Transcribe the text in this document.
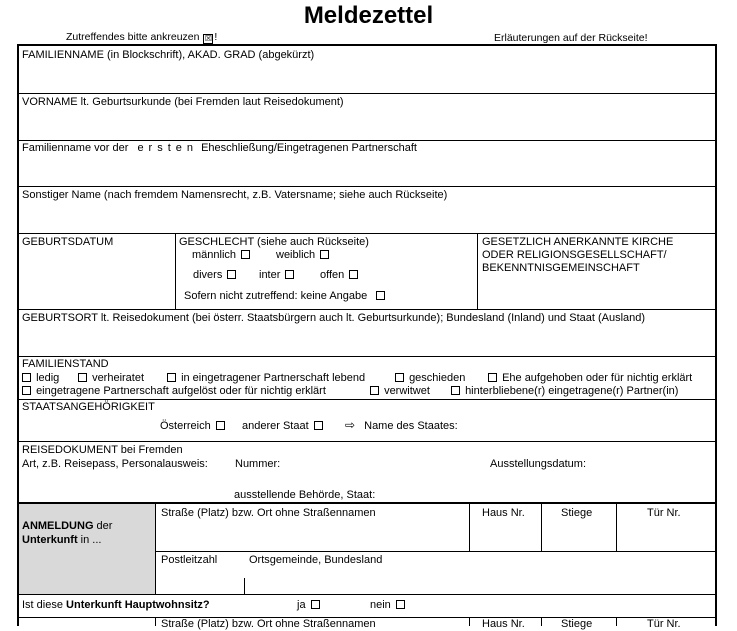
Meldezettel
Zutreffendes bitte ankreuzen ☒ !	Erläuterungen auf der Rückseite!
FAMILIENNAME (in Blockschrift), AKAD. GRAD (abgekürzt)
VORNAME lt. Geburtsurkunde (bei Fremden laut Reisedokument)
Familienname vor der ersten Eheschließung/Eingetragenen Partnerschaft
Sonstiger Name (nach fremdem Namensrecht, z.B. Vatersname; siehe auch Rückseite)
GEBURTSDATUM	GESCHLECHT (siehe auch Rückseite)
männlich	weiblich
divers	inter	offen
Sofern nicht zutreffend: keine Angabe
GESETZLICH ANERKANNTE KIRCHE
ODER RELIGIONSGESELLSCHAFT/
BEKENNTNISGEMEINSCHAFT
GEBURTSORT lt. Reisedokument (bei österr. Staatsbürgern auch lt. Geburtsurkunde); Bundesland (Inland) und Staat (Ausland)
FAMILIENSTAND
ledig	verheiratet	in eingetragener Partnerschaft lebend	geschieden	Ehe aufgehoben oder für nichtig erklärt
eingetragene Partnerschaft aufgelöst oder für nichtig erklärt	verwitwet	hinterbliebene(r) eingetragene(r) Partner(in)
STAATSANGEHÖRIGKEIT
Österreich	anderer Staat	⇨ Name des Staates:
REISEDOKUMENT bei Fremden
Art, z.B. Reisepass, Personalausweis: Nummer:	Ausstellungsdatum:
ausstellende Behörde, Staat:
ANMELDUNG der
Unterkunft in ...
Straße (Platz) bzw. Ort ohne Straßennamen	Haus Nr.	Stiege	Tür Nr.
Postleitzahl	Ortsgemeinde, Bundesland
Ist diese Unterkunft Hauptwohnsitz?	ja	nein
Straße (Platz) bzw. Ort ohne Straßennamen	Haus Nr.	Stiege	Tür Nr.
